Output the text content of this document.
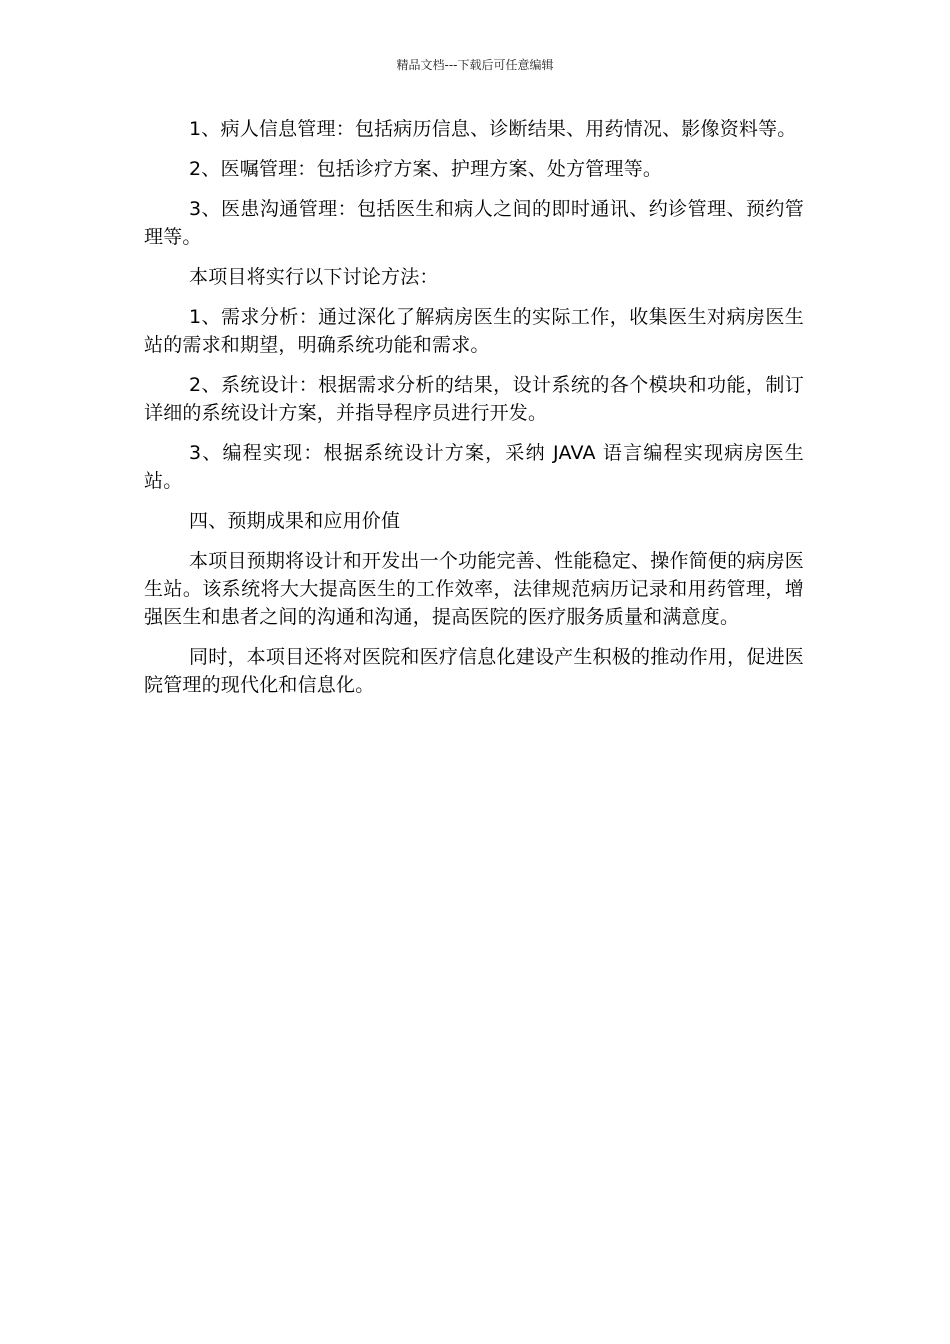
精品文档---下载后可任意编辑

1、病人信息管理：包括病历信息、诊断结果、用药情况、影像资料等。

2、医嘱管理：包括诊疗方案、护理方案、处方管理等。

3、医患沟通管理：包括医生和病人之间的即时通讯、约诊管理、预约管理等。

本项目将实行以下讨论方法：

1、需求分析：通过深化了解病房医生的实际工作，收集医生对病房医生站的需求和期望，明确系统功能和需求。

2、系统设计：根据需求分析的结果，设计系统的各个模块和功能，制订详细的系统设计方案，并指导程序员进行开发。

3、编程实现：根据系统设计方案，采纳 JAVA 语言编程实现病房医生站。

四、预期成果和应用价值

本项目预期将设计和开发出一个功能完善、性能稳定、操作简便的病房医生站。该系统将大大提高医生的工作效率，法律规范病历记录和用药管理，增强医生和患者之间的沟通和沟通，提高医院的医疗服务质量和满意度。

同时，本项目还将对医院和医疗信息化建设产生积极的推动作用，促进医院管理的现代化和信息化。
